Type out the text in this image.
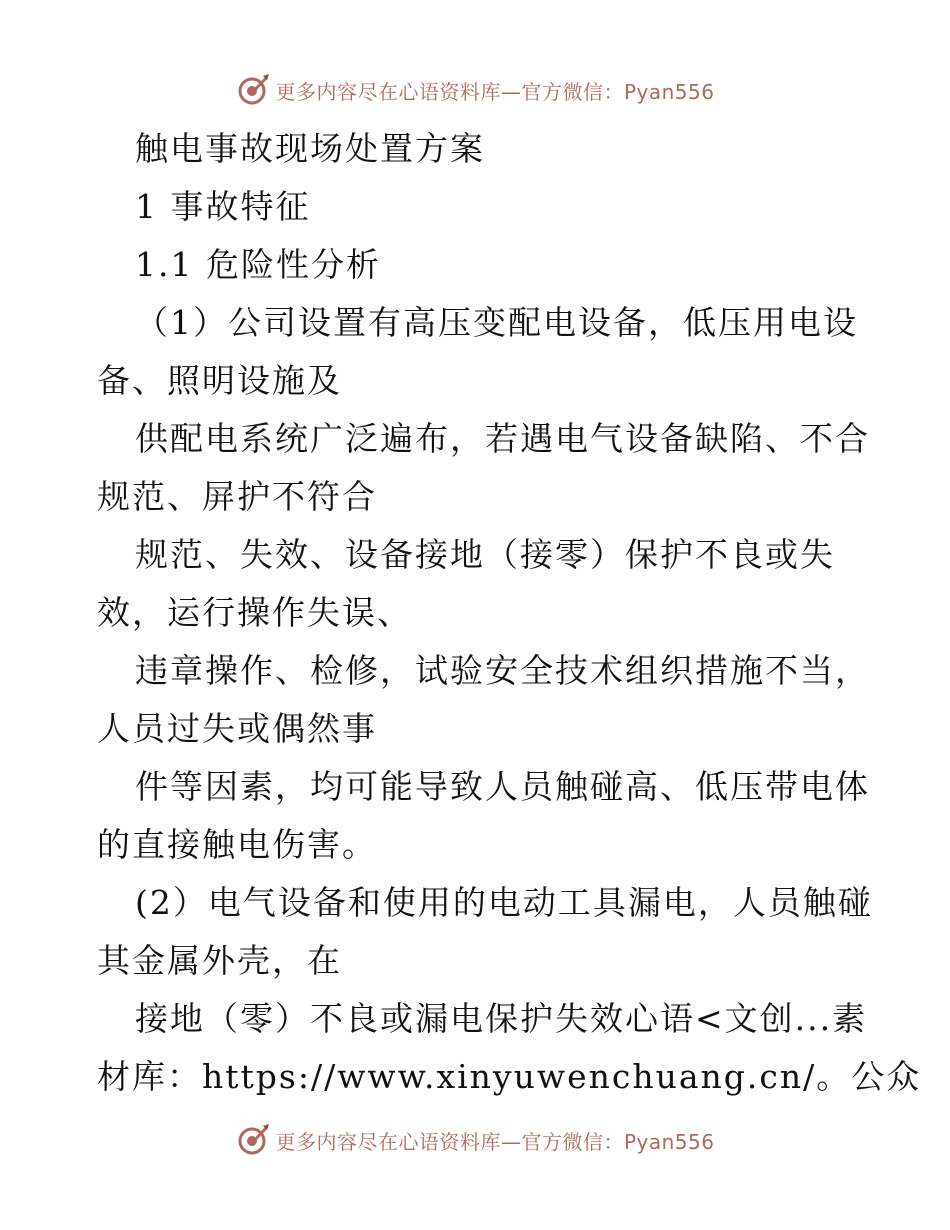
更多内容尽在心语资料库—官方微信：Pyan556
触电事故现场处置方案
1 事故特征
1.1 危险性分析
（1）公司设置有高压变配电设备，低压用电设
备、照明设施及
供配电系统广泛遍布，若遇电气设备缺陷、不合
规范、屏护不符合
规范、失效、设备接地（接零）保护不良或失
效，运行操作失误、
违章操作、检修，试验安全技术组织措施不当，
人员过失或偶然事
件等因素，均可能导致人员触碰高、低压带电体
的直接触电伤害。
(2）电气设备和使用的电动工具漏电，人员触碰
其金属外壳，在
接地（零）不良或漏电保护失效心语<文创...素
材库：https://www.xinyuwenchuang.cn/。公众
更多内容尽在心语资料库—官方微信：Pyan556
